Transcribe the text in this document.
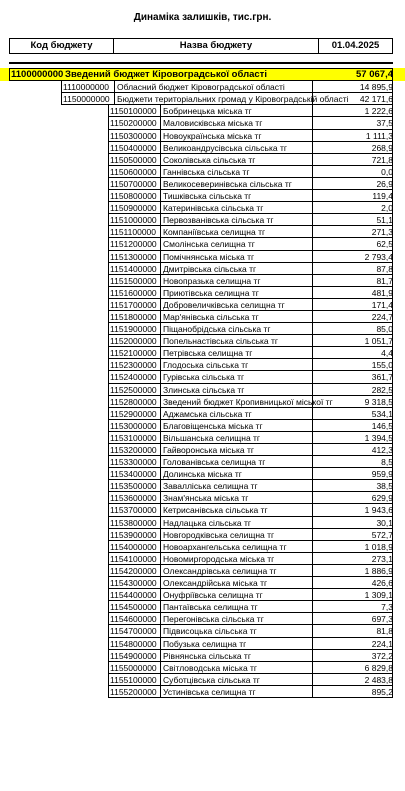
Динаміка залишків, тис.грн.
Код бюджету	Назва бюджету	01.04.2025
1100000000 Зведений бюджет Кіровоградської області	57 067,4
1110000000 Обласний бюджет Кіровоградської області	14 895,9
1150000000 Бюджети територіальних громад у Кіровоградській області 42 171,6
1150100000 Бобринецька міська тг	1 222,6
1150200000 Маловисківська міська тг	37,5
1150300000 Новоукраїнська міська тг	1 111,3
1150400000 Великоандрусівська сільська тг	268,9
1150500000 Соколівська сільська тг	721,8
1150600000 Ганнівська сільська тг	0,0
1150700000 Великосеверинівська сільська тг	26,9
1150800000 Тишківська сільська тг	119,4
1150900000 Катеринівська сільська тг	2,0
1151000000 Первозванівська сільська тг	51,1
1151100000 Компаніївська селищна тг	271,3
1151200000 Смолінська селищна тг	62,5
1151300000 Помічнянська міська тг	2 793,4
1151400000 Дмитрівська сільська тг	87,8
1151500000 Новопразька селищна тг	81,7
1151600000 Приютівська селищна тг	481,9
1151700000 Добровеличківська селищна тг	171,4
1151800000 Мар'янівська сільська тг	224,7
1151900000 Піщанобрідська сільська тг	85,0
1152000000 Попельнастівська сільська тг	1 051,7
1152100000 Петрівська селищна тг	4,4
1152300000 Глодоська сільська тг	155,0
1152400000 Гурівська сільська тг	361,7
1152500000 Злинська сільська тг	282,5
1152800000 Зведений бюджет Кропивницької міської тг	9 318,5
1152900000 Аджамська сільська тг	534,1
1153000000 Благовіщенська міська тг	146,5
1153100000 Вільшанська селищна тг	1 394,5
1153200000 Гайворонська міська тг	412,3
1153300000 Голованівська селищна тг	8,5
1153400000 Долинська міська тг	959,9
1153500000 Завалліська селищна тг	38,5
1153600000 Знам'янська міська тг	629,9
1153700000 Кетрисанівська сільська тг	1 943,6
1153800000 Надлацька сільська тг	30,1
1153900000 Новгородківська селищна тг	572,7
1154000000 Новоархангельська селищна тг	1 018,9
1154100000 Новомиргородська міська тг	273,1
1154200000 Олександрівська селищна тг	1 886,9
1154300000 Олександрійська міська тг	426,6
1154400000 Онуфріївська селищна тг	1 309,1
1154500000 Пантаївська селищна тг	7,3
1154600000 Перегонівська сільська тг	697,3
1154700000 Підвисоцька сільська тг	81,8
1154800000 Побузька селищна тг	224,1
1154900000 Рівнянська сільська тг	372,2
1155000000 Світловодська міська тг	6 829,8
1155100000 Суботцівська сільська тг	2 483,8
1155200000 Устинівська селищна тг	895,2
